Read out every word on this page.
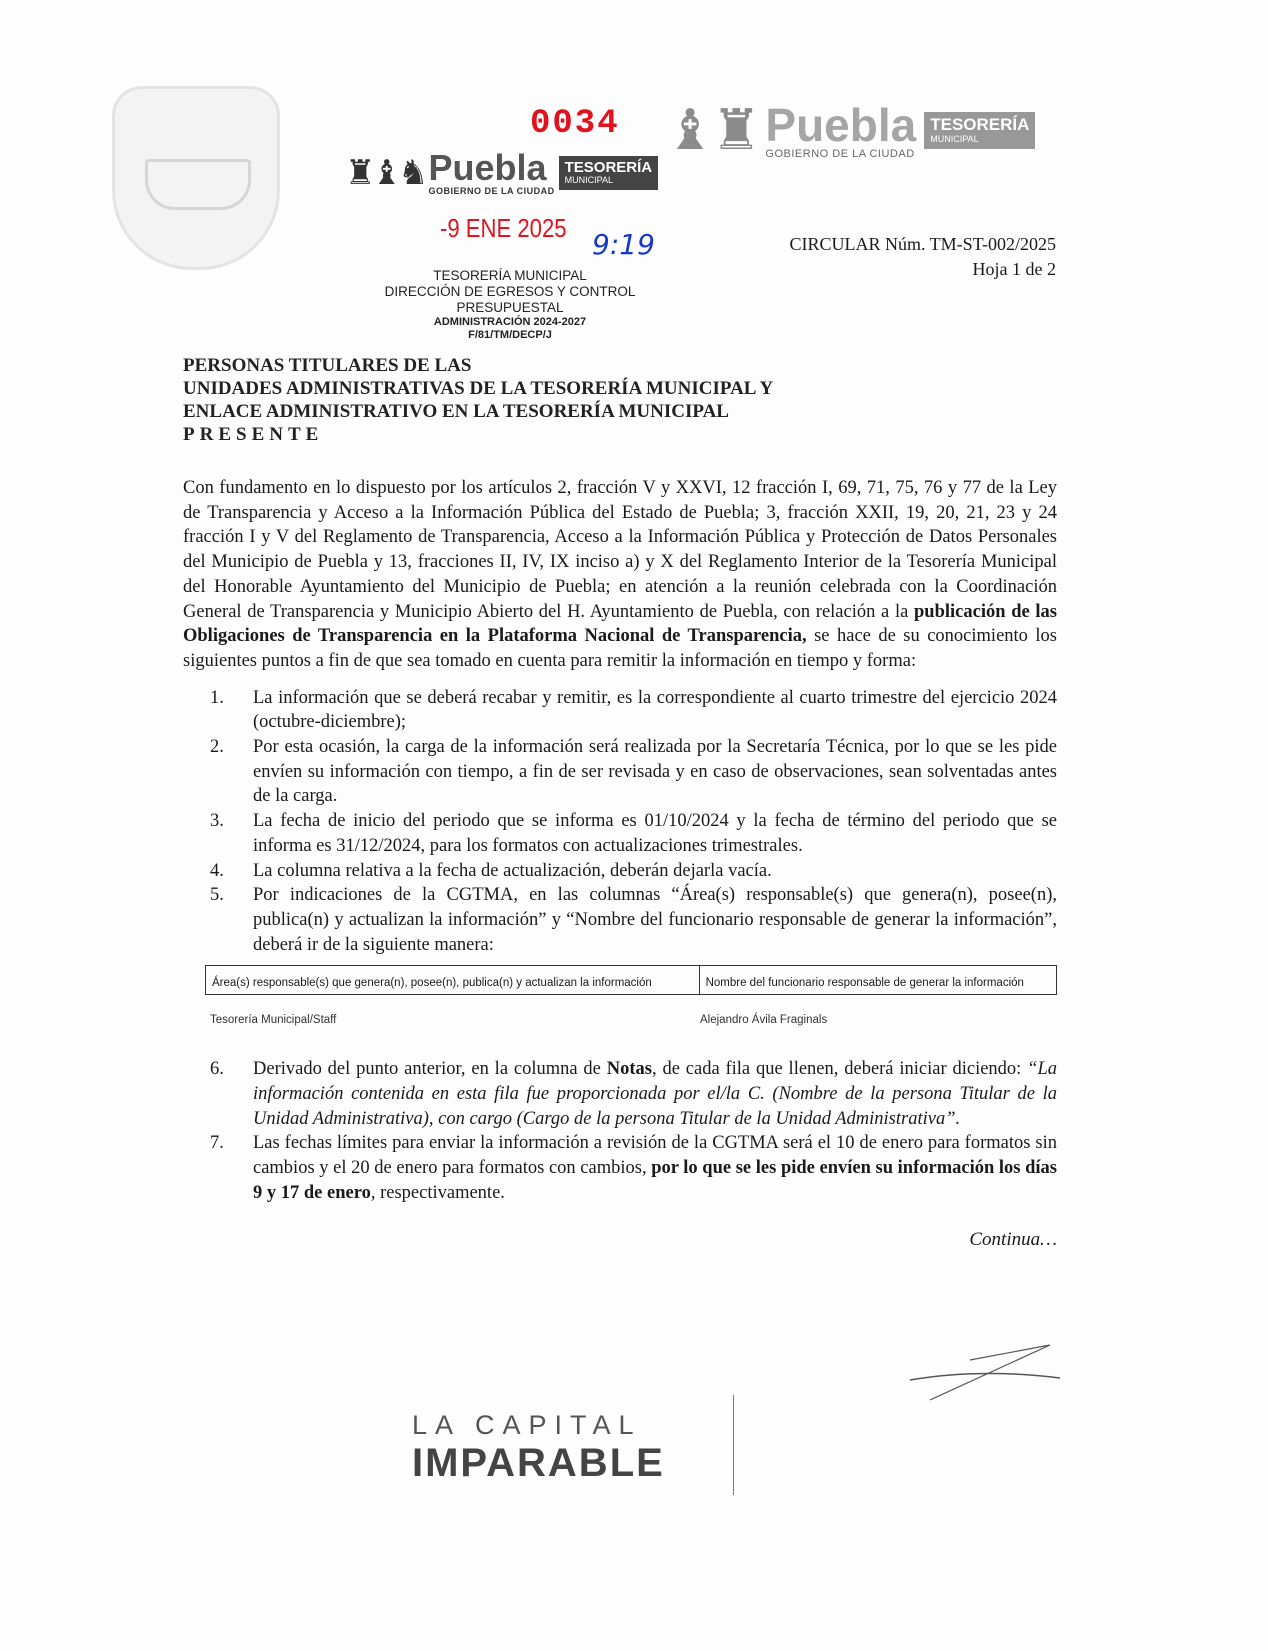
♜♝♞ Puebla
GOBIERNO DE LA CIUDAD
TESORERÍA
MUNICIPAL
♝♜ Puebla
GOBIERNO DE LA CIUDAD
TESORERÍA
MUNICIPAL
0034
-9 ENE 2025 9:19
TESORERÍA MUNICIPAL
DIRECCIÓN DE EGRESOS Y CONTROL
PRESUPUESTAL
ADMINISTRACIÓN 2024-2027
F/81/TM/DECP/J
CIRCULAR Núm. TM-ST-002/2025
Hoja 1 de 2
PERSONAS TITULARES DE LAS
UNIDADES ADMINISTRATIVAS DE LA TESORERÍA MUNICIPAL Y
ENLACE ADMINISTRATIVO EN LA TESORERÍA MUNICIPAL
PRESENTE

Con fundamento en lo dispuesto por los artículos 2, fracción V y XXVI, 12 fracción I, 69, 71, 75, 76 y 77 de la Ley de Transparencia y Acceso a la Información Pública del Estado de Puebla; 3, fracción XXII, 19, 20, 21, 23 y 24 fracción I y V del Reglamento de Transparencia, Acceso a la Información Pública y Protección de Datos Personales del Municipio de Puebla y 13, fracciones II, IV, IX inciso a) y X del Reglamento Interior de la Tesorería Municipal del Honorable Ayuntamiento del Municipio de Puebla; en atención a la reunión celebrada con la Coordinación General de Transparencia y Municipio Abierto del H. Ayuntamiento de Puebla, con relación a la publicación de las Obligaciones de Transparencia en la Plataforma Nacional de Transparencia, se hace de su conocimiento los siguientes puntos a fin de que sea tomado en cuenta para remitir la información en tiempo y forma:

1.	La información que se deberá recabar y remitir, es la correspondiente al cuarto trimestre del ejercicio 2024 (octubre-diciembre);
2.	Por esta ocasión, la carga de la información será realizada por la Secretaría Técnica, por lo que se les pide envíen su información con tiempo, a fin de ser revisada y en caso de observaciones, sean solventadas antes de la carga.
3.	La fecha de inicio del periodo que se informa es 01/10/2024 y la fecha de término del periodo que se informa es 31/12/2024, para los formatos con actualizaciones trimestrales.
4.	La columna relativa a la fecha de actualización, deberán dejarla vacía.
5.	Por indicaciones de la CGTMA, en las columnas “Área(s) responsable(s) que genera(n), posee(n), publica(n) y actualizan la información” y “Nombre del funcionario responsable de generar la información”, deberá ir de la siguiente manera:
Área(s) responsable(s) que genera(n), posee(n), publica(n) y actualizan la información	Nombre del funcionario responsable de generar la información
Tesorería Municipal/Staff	Alejandro Ávila Fraginals
6.	Derivado del punto anterior, en la columna de Notas, de cada fila que llenen, deberá iniciar diciendo: “La información contenida en esta fila fue proporcionada por el/la C. (Nombre de la persona Titular de la Unidad Administrativa), con cargo (Cargo de la persona Titular de la Unidad Administrativa”.
7.	Las fechas límites para enviar la información a revisión de la CGTMA será el 10 de enero para formatos sin cambios y el 20 de enero para formatos con cambios, por lo que se les pide envíen su información los días 9 y 17 de enero, respectivamente.
Continua…
LA CAPITAL
IMPARABLE
